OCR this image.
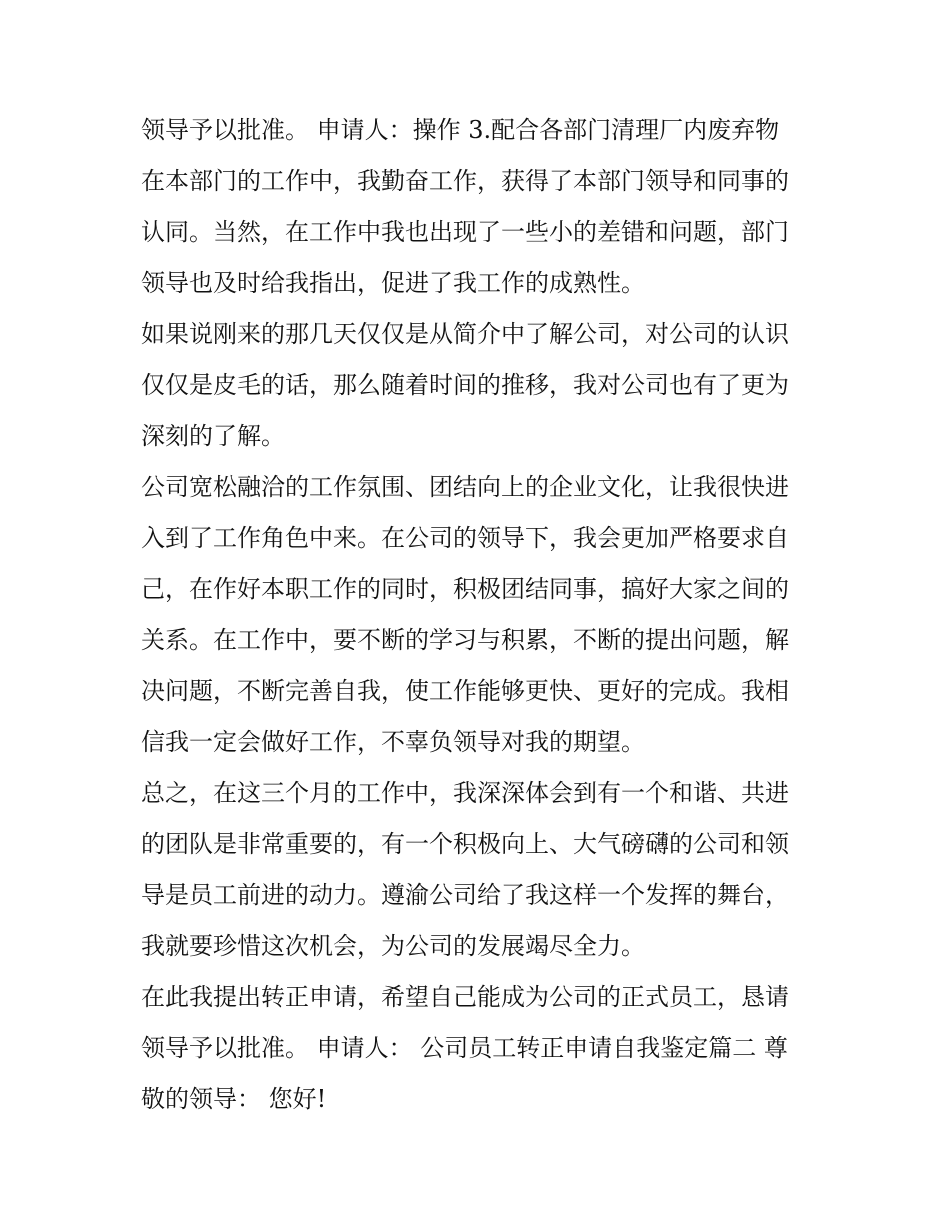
领导予以批准。 申请人：操作 3.配合各部门清理厂内废弃物
在本部门的工作中，我勤奋工作，获得了本部门领导和同事的
认同。当然，在工作中我也出现了一些小的差错和问题，部门
领导也及时给我指出，促进了我工作的成熟性。
如果说刚来的那几天仅仅是从简介中了解公司，对公司的认识
仅仅是皮毛的话，那么随着时间的推移，我对公司也有了更为
深刻的了解。
公司宽松融洽的工作氛围、团结向上的企业文化，让我很快进
入到了工作角色中来。在公司的领导下，我会更加严格要求自
己，在作好本职工作的同时，积极团结同事，搞好大家之间的
关系。在工作中，要不断的学习与积累，不断的提出问题，解
决问题，不断完善自我，使工作能够更快、更好的完成。我相
信我一定会做好工作，不辜负领导对我的期望。
总之，在这三个月的工作中，我深深体会到有一个和谐、共进
的团队是非常重要的，有一个积极向上、大气磅礴的公司和领
导是员工前进的动力。遵渝公司给了我这样一个发挥的舞台，
我就要珍惜这次机会，为公司的发展竭尽全力。
在此我提出转正申请，希望自己能成为公司的正式员工，恳请
领导予以批准。 申请人： 公司员工转正申请自我鉴定篇二 尊
敬的领导： 您好!
